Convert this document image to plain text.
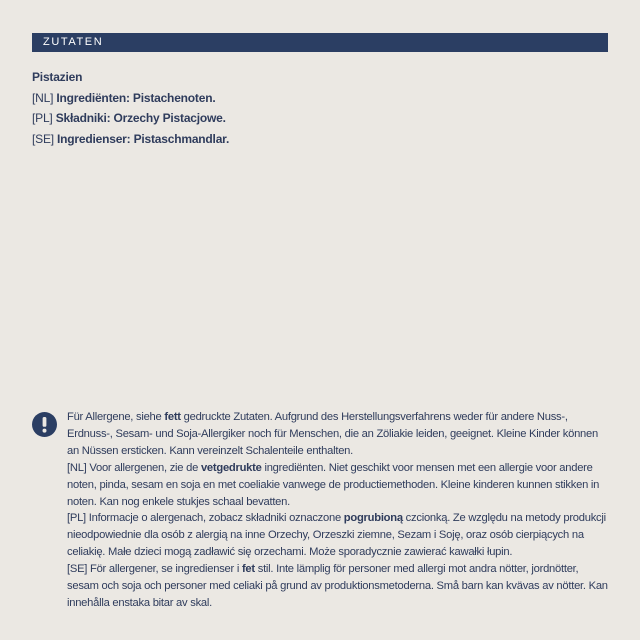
ZUTATEN
Pistazien
[NL] Ingrediënten: Pistachenoten.
[PL] Składniki: Orzechy Pistacjowe.
[SE] Ingredienser: Pistaschmandlar.

Für Allergene, siehe fett gedruckte Zutaten. Aufgrund des Herstellungsverfahrens weder für andere Nuss-, Erdnuss-, Sesam- und Soja-Allergiker noch für Menschen, die an Zöliakie leiden, geeignet. Kleine Kinder können an Nüssen ersticken. Kann vereinzelt Schalenteile enthalten.

[NL] Voor allergenen, zie de vetgedrukte ingrediënten. Niet geschikt voor mensen met een allergie voor andere noten, pinda, sesam en soja en met coeliakie vanwege de productiemethoden. Kleine kinderen kunnen stikken in noten. Kan nog enkele stukjes schaal bevatten.

[PL] Informacje o alergenach, zobacz składniki oznaczone pogrubioną czcionką. Ze względu na metody produkcji nieodpowiednie dla osób z alergią na inne Orzechy, Orzeszki ziemne, Sezam i Soję, oraz osób cierpiących na celiakię. Małe dzieci mogą zadławić się orzechami. Może sporadycznie zawierać kawałki łupin.

[SE] För allergener, se ingredienser i fet stil. Inte lämplig för personer med allergi mot andra nötter, jordnötter, sesam och soja och personer med celiaki på grund av produktionsmetoderna. Små barn kan kvävas av nötter. Kan innehålla enstaka bitar av skal.
